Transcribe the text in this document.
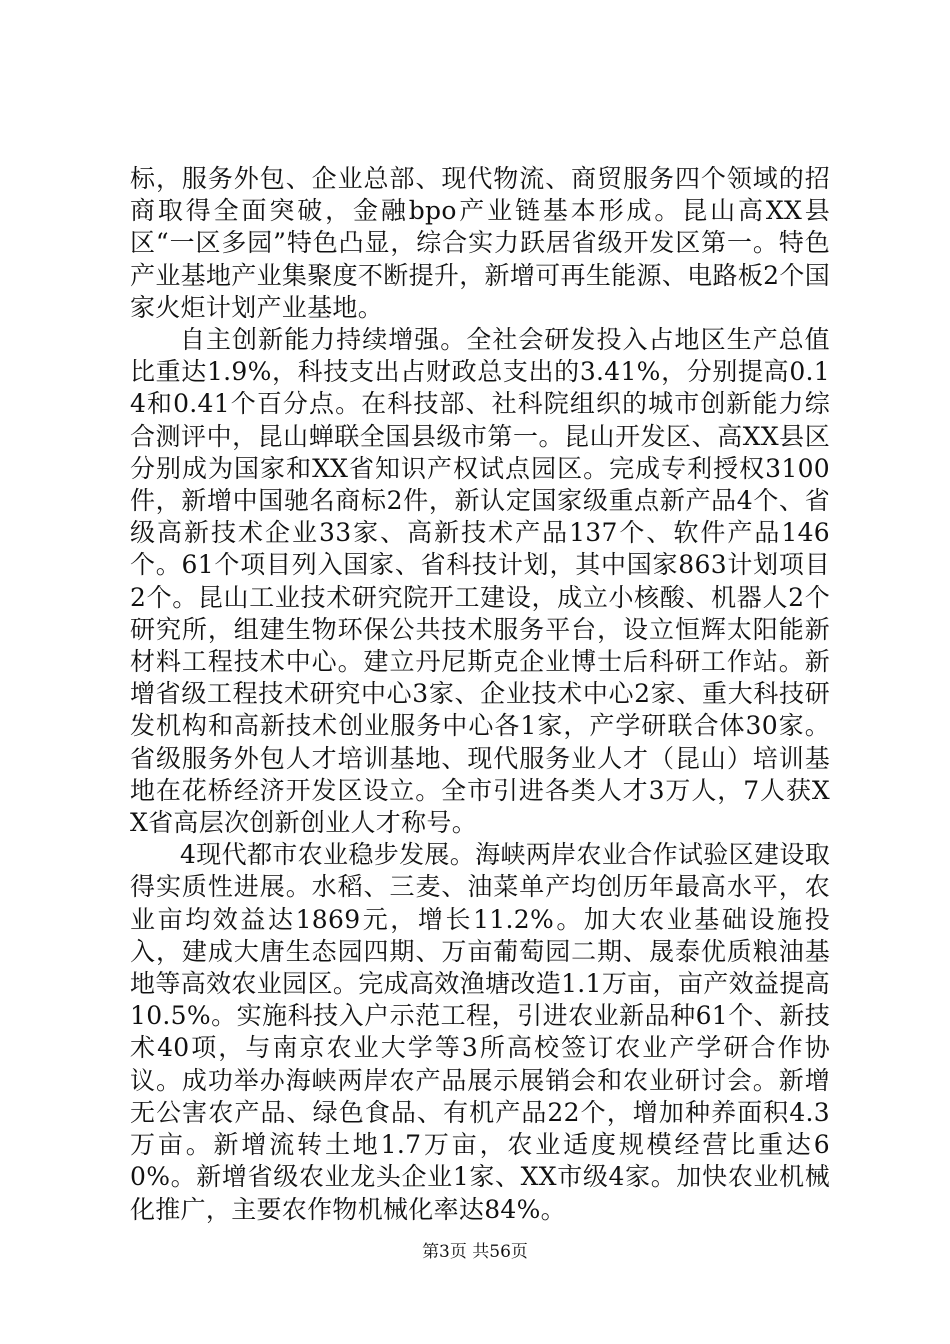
标，服务外包、企业总部、现代物流、商贸服务四个领域的招商取得全面突破，金融bpo产业链基本形成。昆山高XX县区“一区多园”特色凸显，综合实力跃居省级开发区第一。特色产业基地产业集聚度不断提升，新增可再生能源、电路板2个国家火炬计划产业基地。

自主创新能力持续增强。全社会研发投入占地区生产总值比重达1.9%，科技支出占财政总支出的3.41%，分别提高0.14和0.41个百分点。在科技部、社科院组织的城市创新能力综合测评中，昆山蝉联全国县级市第一。昆山开发区、高XX县区分别成为国家和XX省知识产权试点园区。完成专利授权3100件，新增中国驰名商标2件，新认定国家级重点新产品4个、省级高新技术企业33家、高新技术产品137个、软件产品146个。61个项目列入国家、省科技计划，其中国家863计划项目2个。昆山工业技术研究院开工建设，成立小核酸、机器人2个研究所，组建生物环保公共技术服务平台，设立恒辉太阳能新材料工程技术中心。建立丹尼斯克企业博士后科研工作站。新增省级工程技术研究中心3家、企业技术中心2家、重大科技研发机构和高新技术创业服务中心各1家，产学研联合体30家。省级服务外包人才培训基地、现代服务业人才（昆山）培训基地在花桥经济开发区设立。全市引进各类人才3万人，7人获XX省高层次创新创业人才称号。

4现代都市农业稳步发展。海峡两岸农业合作试验区建设取得实质性进展。水稻、三麦、油菜单产均创历年最高水平，农业亩均效益达1869元，增长11.2%。加大农业基础设施投入，建成大唐生态园四期、万亩葡萄园二期、晟泰优质粮油基地等高效农业园区。完成高效渔塘改造1.1万亩，亩产效益提高10.5%。实施科技入户示范工程，引进农业新品种61个、新技术40项，与南京农业大学等3所高校签订农业产学研合作协议。成功举办海峡两岸农产品展示展销会和农业研讨会。新增无公害农产品、绿色食品、有机产品22个，增加种养面积4.3万亩。新增流转土地1.7万亩，农业适度规模经营比重达60%。新增省级农业龙头企业1家、XX市级4家。加快农业机械化推广，主要农作物机械化率达84%。

第3页 共56页
